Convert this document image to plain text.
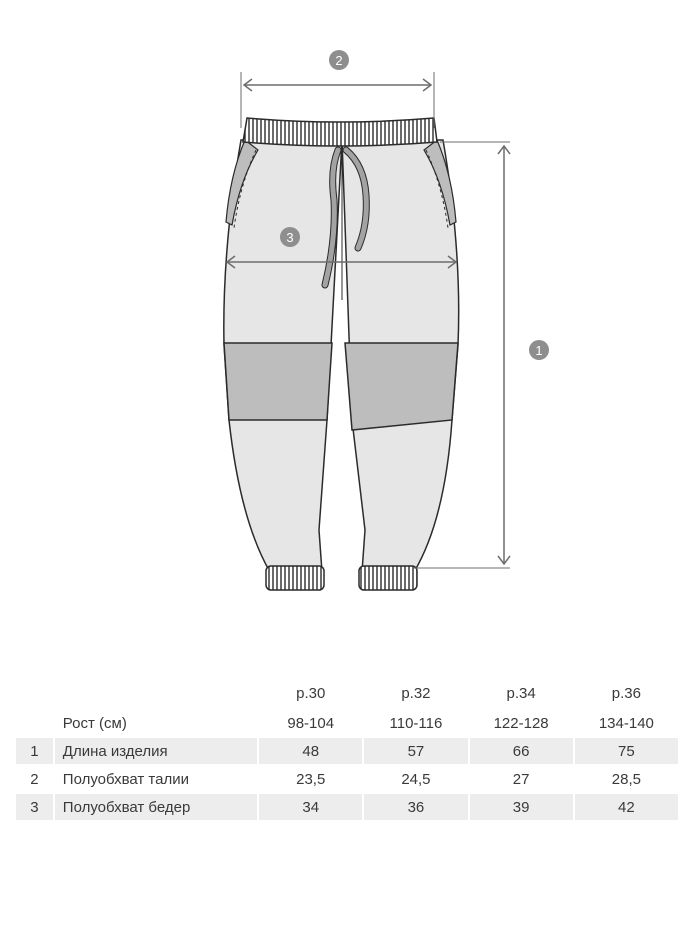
2
3
1
		р.30	р.32	р.34	р.36
	Рост (см)	98-104	110-116	122-128	134-140
1	Длина изделия	48	57	66	75
2	Полуобхват талии	23,5	24,5	27	28,5
3	Полуобхват бедер	34	36	39	42
